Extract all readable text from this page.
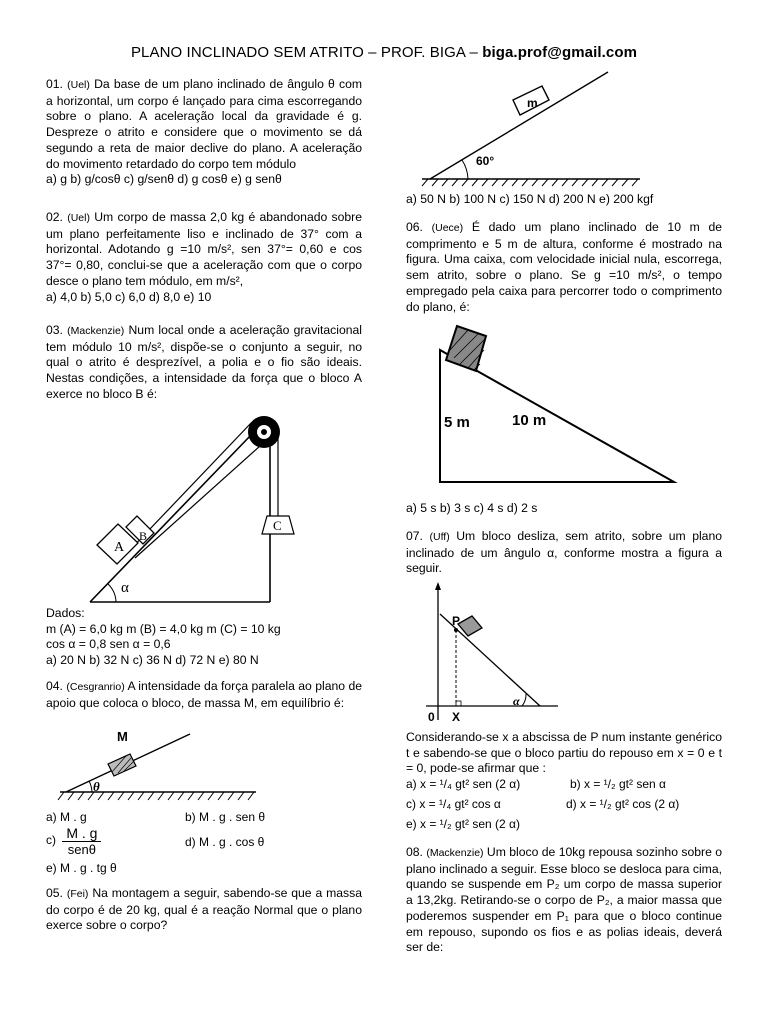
PLANO INCLINADO SEM ATRITO – PROF. BIGA – biga.prof@gmail.com

01. (Uel) Da base de um plano inclinado de ângulo θ com a horizontal, um corpo é lançado para cima escorregando sobre o plano. A aceleração local da gravidade é g. Despreze o atrito e considere que o movimento se dá segundo a reta de maior declive do plano. A aceleração do movimento retardado do corpo tem módulo

a) g b) g/cosθ c) g/senθ d) g cosθ e) g senθ

02. (Uel) Um corpo de massa 2,0 kg é abandonado sobre um plano perfeitamente liso e inclinado de 37° com a horizontal. Adotando g =10 m/s², sen 37°= 0,60 e cos 37°= 0,80, conclui-se que a aceleração com que o corpo desce o plano tem módulo, em m/s²,

a) 4,0 b) 5,0 c) 6,0 d) 8,0 e) 10

03. (Mackenzie) Num local onde a aceleração gravitacional tem módulo 10 m/s², dispõe-se o conjunto a seguir, no qual o atrito é desprezível, a polia e o fio são ideais. Nestas condições, a intensidade da força que o bloco A exerce no bloco B é:

A
B
C
α

Dados:

m (A) = 6,0 kg m (B) = 4,0 kg m (C) = 10 kg

cos α = 0,8 sen α = 0,6

a) 20 N b) 32 N c) 36 N d) 72 N e) 80 N

04. (Cesgranrio) A intensidade da força paralela ao plano de apoio que coloca o bloco, de massa M, em equilíbrio é:

M
θ
a) M . g	b) M . g . sen θ
$c) \frac{M . g}{\text{senθ}}$	d) M . g . cos θ
e) M . g . tg θ

05. (Fei) Na montagem a seguir, sabendo-se que a massa do corpo é de 20 kg, qual é a reação Normal que o plano exerce sobre o corpo?

m
60°
a) 50 N b) 100 N c) 150 N d) 200 N e) 200 kgf

06. (Uece) É dado um plano inclinado de 10 m de comprimento e 5 m de altura, conforme é mostrado na figura. Uma caixa, com velocidade inicial nula, escorrega, sem atrito, sobre o plano. Se g =10 m/s², o tempo empregado pela caixa para percorrer todo o comprimento do plano, é:

5 m	10 m
a) 5 s b) 3 s c) 4 s d) 2 s

07. (Uff) Um bloco desliza, sem atrito, sobre um plano inclinado de um ângulo α, conforme mostra a figura a seguir.

P
0 X
α

Considerando-se x a abscissa de P num instante genérico t e sabendo-se que o bloco partiu do repouso em x = 0 e t = 0, pode-se afirmar que :

a) x = ¹/₄ gt² sen (2 α)	b) x = ¹/₂ gt² sen α
c) x = ¹/₄ gt² cos α	d) x = ¹/₂ gt² cos (2 α)
e) x = ¹/₂ gt² sen (2 α)

08. (Mackenzie) Um bloco de 10kg repousa sozinho sobre o plano inclinado a seguir. Esse bloco se desloca para cima, quando se suspende em P₂ um corpo de massa superior a 13,2kg. Retirando-se o corpo de P₂, a maior massa que poderemos suspender em P₁ para que o bloco continue em repouso, supondo os fios e as polias ideais, deverá ser de:
